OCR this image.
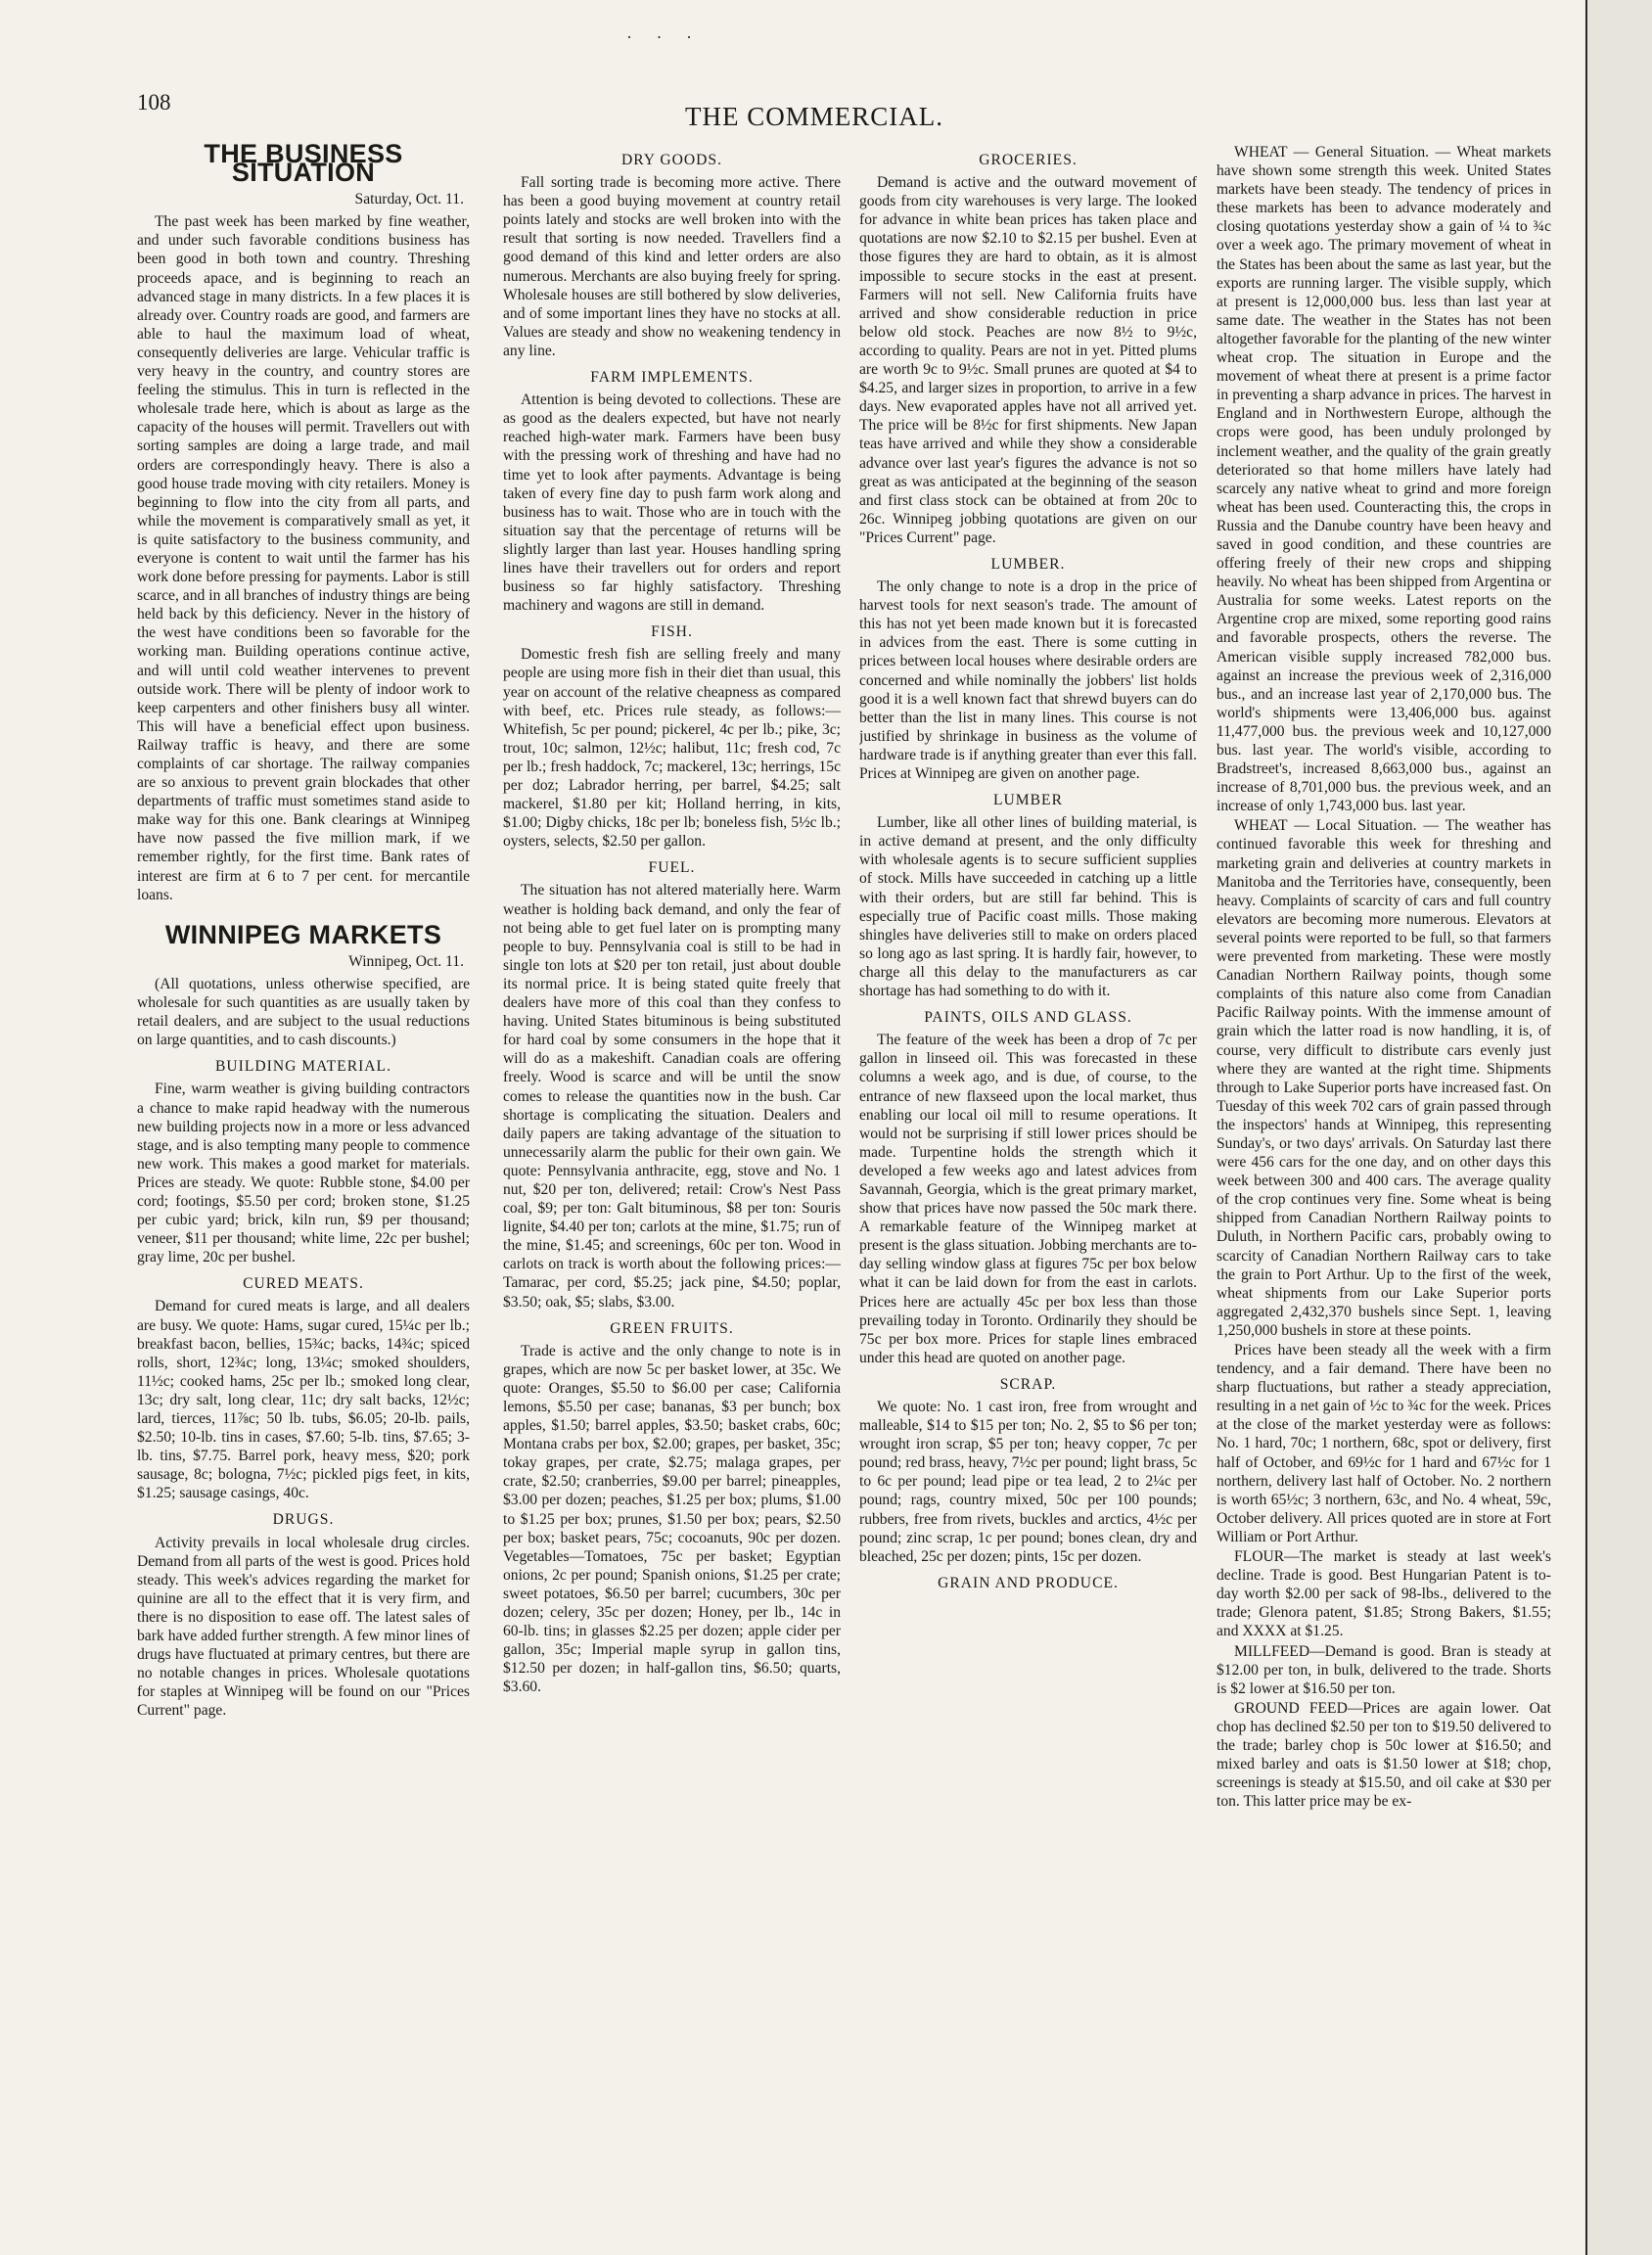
· · ·
108	THE COMMERCIAL.
THE BUSINESS SITUATION
Saturday, Oct. 11.

The past week has been marked by fine weather, and under such favorable conditions business has been good in both town and country. Threshing proceeds apace, and is beginning to reach an advanced stage in many districts. In a few places it is already over. Country roads are good, and farmers are able to haul the maximum load of wheat, consequently deliveries are large. Vehicular traffic is very heavy in the country, and country stores are feeling the stimulus. This in turn is reflected in the wholesale trade here, which is about as large as the capacity of the houses will permit. Travellers out with sorting samples are doing a large trade, and mail orders are correspondingly heavy. There is also a good house trade moving with city retailers. Money is beginning to flow into the city from all parts, and while the movement is comparatively small as yet, it is quite satisfactory to the business community, and everyone is content to wait until the farmer has his work done before pressing for payments. Labor is still scarce, and in all branches of industry things are being held back by this deficiency. Never in the history of the west have conditions been so favorable for the working man. Building operations continue active, and will until cold weather intervenes to prevent outside work. There will be plenty of indoor work to keep carpenters and other finishers busy all winter. This will have a beneficial effect upon business. Railway traffic is heavy, and there are some complaints of car shortage. The railway companies are so anxious to prevent grain blockades that other departments of traffic must sometimes stand aside to make way for this one. Bank clearings at Winnipeg have now passed the five million mark, if we remember rightly, for the first time. Bank rates of interest are firm at 6 to 7 per cent. for mercantile loans.

WINNIPEG MARKETS
Winnipeg, Oct. 11.

(All quotations, unless otherwise specified, are wholesale for such quantities as are usually taken by retail dealers, and are subject to the usual reductions on large quantities, and to cash discounts.)

BUILDING MATERIAL.

Fine, warm weather is giving building contractors a chance to make rapid headway with the numerous new building projects now in a more or less advanced stage, and is also tempting many people to commence new work. This makes a good market for materials. Prices are steady. We quote: Rubble stone, $4.00 per cord; footings, $5.50 per cord; broken stone, $1.25 per cubic yard; brick, kiln run, $9 per thousand; veneer, $11 per thousand; white lime, 22c per bushel; gray lime, 20c per bushel.

CURED MEATS.

Demand for cured meats is large, and all dealers are busy. We quote: Hams, sugar cured, 15¼c per lb.; breakfast bacon, bellies, 15¾c; backs, 14¾c; spiced rolls, short, 12¾c; long, 13¼c; smoked shoulders, 11½c; cooked hams, 25c per lb.; smoked long clear, 13c; dry salt, long clear, 11c; dry salt backs, 12½c; lard, tierces, 11⅞c; 50 lb. tubs, $6.05; 20-lb. pails, $2.50; 10-lb. tins in cases, $7.60; 5-lb. tins, $7.65; 3-lb. tins, $7.75. Barrel pork, heavy mess, $20; pork sausage, 8c; bologna, 7½c; pickled pigs feet, in kits, $1.25; sausage casings, 40c.

DRUGS.

Activity prevails in local wholesale drug circles. Demand from all parts of the west is good. Prices hold steady. This week's advices regarding the market for quinine are all to the effect that it is very firm, and there is no disposition to ease off. The latest sales of bark have added further strength. A few minor lines of drugs have fluctuated at primary centres, but there are no notable changes in prices. Wholesale quotations for staples at Winnipeg will be found on our "Prices Current" page.

DRY GOODS.

Fall sorting trade is becoming more active. There has been a good buying movement at country retail points lately and stocks are well broken into with the result that sorting is now needed. Travellers find a good demand of this kind and letter orders are also numerous. Merchants are also buying freely for spring. Wholesale houses are still bothered by slow deliveries, and of some important lines they have no stocks at all. Values are steady and show no weakening tendency in any line.

FARM IMPLEMENTS.

Attention is being devoted to collections. These are as good as the dealers expected, but have not nearly reached high-water mark. Farmers have been busy with the pressing work of threshing and have had no time yet to look after payments. Advantage is being taken of every fine day to push farm work along and business has to wait. Those who are in touch with the situation say that the percentage of returns will be slightly larger than last year. Houses handling spring lines have their travellers out for orders and report business so far highly satisfactory. Threshing machinery and wagons are still in demand.

FISH.

Domestic fresh fish are selling freely and many people are using more fish in their diet than usual, this year on account of the relative cheapness as compared with beef, etc. Prices rule steady, as follows:—Whitefish, 5c per pound; pickerel, 4c per lb.; pike, 3c; trout, 10c; salmon, 12½c; halibut, 11c; fresh cod, 7c per lb.; fresh haddock, 7c; mackerel, 13c; herrings, 15c per doz; Labrador herring, per barrel, $4.25; salt mackerel, $1.80 per kit; Holland herring, in kits, $1.00; Digby chicks, 18c per lb; boneless fish, 5½c lb.; oysters, selects, $2.50 per gallon.

FUEL.

The situation has not altered materially here. Warm weather is holding back demand, and only the fear of not being able to get fuel later on is prompting many people to buy. Pennsylvania coal is still to be had in single ton lots at $20 per ton retail, just about double its normal price. It is being stated quite freely that dealers have more of this coal than they confess to having. United States bituminous is being substituted for hard coal by some consumers in the hope that it will do as a makeshift. Canadian coals are offering freely. Wood is scarce and will be until the snow comes to release the quantities now in the bush. Car shortage is complicating the situation. Dealers and daily papers are taking advantage of the situation to unnecessarily alarm the public for their own gain. We quote: Pennsylvania anthracite, egg, stove and No. 1 nut, $20 per ton, delivered; retail: Crow's Nest Pass coal, $9; per ton: Galt bituminous, $8 per ton: Souris lignite, $4.40 per ton; carlots at the mine, $1.75; run of the mine, $1.45; and screenings, 60c per ton. Wood in carlots on track is worth about the following prices:—Tamarac, per cord, $5.25; jack pine, $4.50; poplar, $3.50; oak, $5; slabs, $3.00.

GREEN FRUITS.

Trade is active and the only change to note is in grapes, which are now 5c per basket lower, at 35c. We quote: Oranges, $5.50 to $6.00 per case; California lemons, $5.50 per case; bananas, $3 per bunch; box apples, $1.50; barrel apples, $3.50; basket crabs, 60c; Montana crabs per box, $2.00; grapes, per basket, 35c; tokay grapes, per crate, $2.75; malaga grapes, per crate, $2.50; cranberries, $9.00 per barrel; pineapples, $3.00 per dozen; peaches, $1.25 per box; plums, $1.00 to $1.25 per box; prunes, $1.50 per box; pears, $2.50 per box; basket pears, 75c; cocoanuts, 90c per dozen. Vegetables—Tomatoes, 75c per basket; Egyptian onions, 2c per pound; Spanish onions, $1.25 per crate; sweet potatoes, $6.50 per barrel; cucumbers, 30c per dozen; celery, 35c per dozen; Honey, per lb., 14c in 60-lb. tins; in glasses $2.25 per dozen; apple cider per gallon, 35c; Imperial maple syrup in gallon tins, $12.50 per dozen; in half-gallon tins, $6.50; quarts, $3.60.

GROCERIES.

Demand is active and the outward movement of goods from city warehouses is very large. The looked for advance in white bean prices has taken place and quotations are now $2.10 to $2.15 per bushel. Even at those figures they are hard to obtain, as it is almost impossible to secure stocks in the east at present. Farmers will not sell. New California fruits have arrived and show considerable reduction in price below old stock. Peaches are now 8½ to 9½c, according to quality. Pears are not in yet. Pitted plums are worth 9c to 9½c. Small prunes are quoted at $4 to $4.25, and larger sizes in proportion, to arrive in a few days. New evaporated apples have not all arrived yet. The price will be 8½c for first shipments. New Japan teas have arrived and while they show a considerable advance over last year's figures the advance is not so great as was anticipated at the beginning of the season and first class stock can be obtained at from 20c to 26c. Winnipeg jobbing quotations are given on our "Prices Current" page.

LUMBER.

The only change to note is a drop in the price of harvest tools for next season's trade. The amount of this has not yet been made known but it is forecasted in advices from the east. There is some cutting in prices between local houses where desirable orders are concerned and while nominally the jobbers' list holds good it is a well known fact that shrewd buyers can do better than the list in many lines. This course is not justified by shrinkage in business as the volume of hardware trade is if anything greater than ever this fall. Prices at Winnipeg are given on another page.

LUMBER

Lumber, like all other lines of building material, is in active demand at present, and the only difficulty with wholesale agents is to secure sufficient supplies of stock. Mills have succeeded in catching up a little with their orders, but are still far behind. This is especially true of Pacific coast mills. Those making shingles have deliveries still to make on orders placed so long ago as last spring. It is hardly fair, however, to charge all this delay to the manufacturers as car shortage has had something to do with it.

PAINTS, OILS AND GLASS.

The feature of the week has been a drop of 7c per gallon in linseed oil. This was forecasted in these columns a week ago, and is due, of course, to the entrance of new flaxseed upon the local market, thus enabling our local oil mill to resume operations. It would not be surprising if still lower prices should be made. Turpentine holds the strength which it developed a few weeks ago and latest advices from Savannah, Georgia, which is the great primary market, show that prices have now passed the 50c mark there. A remarkable feature of the Winnipeg market at present is the glass situation. Jobbing merchants are to-day selling window glass at figures 75c per box below what it can be laid down for from the east in carlots. Prices here are actually 45c per box less than those prevailing today in Toronto. Ordinarily they should be 75c per box more. Prices for staple lines embraced under this head are quoted on another page.

SCRAP.

We quote: No. 1 cast iron, free from wrought and malleable, $14 to $15 per ton; No. 2, $5 to $6 per ton; wrought iron scrap, $5 per ton; heavy copper, 7c per pound; red brass, heavy, 7½c per pound; light brass, 5c to 6c per pound; lead pipe or tea lead, 2 to 2¼c per pound; rags, country mixed, 50c per 100 pounds; rubbers, free from rivets, buckles and arctics, 4½c per pound; zinc scrap, 1c per pound; bones clean, dry and bleached, 25c per dozen; pints, 15c per dozen.

GRAIN AND PRODUCE.

WHEAT — General Situation. — Wheat markets have shown some strength this week. United States markets have been steady. The tendency of prices in these markets has been to advance moderately and closing quotations yesterday show a gain of ¼ to ¾c over a week ago. The primary movement of wheat in the States has been about the same as last year, but the exports are running larger. The visible supply, which at present is 12,000,000 bus. less than last year at same date. The weather in the States has not been altogether favorable for the planting of the new winter wheat crop. The situation in Europe and the movement of wheat there at present is a prime factor in preventing a sharp advance in prices. The harvest in England and in Northwestern Europe, although the crops were good, has been unduly prolonged by inclement weather, and the quality of the grain greatly deteriorated so that home millers have lately had scarcely any native wheat to grind and more foreign wheat has been used. Counteracting this, the crops in Russia and the Danube country have been heavy and saved in good condition, and these countries are offering freely of their new crops and shipping heavily. No wheat has been shipped from Argentina or Australia for some weeks. Latest reports on the Argentine crop are mixed, some reporting good rains and favorable prospects, others the reverse. The American visible supply increased 782,000 bus. against an increase the previous week of 2,316,000 bus., and an increase last year of 2,170,000 bus. The world's shipments were 13,406,000 bus. against 11,477,000 bus. the previous week and 10,127,000 bus. last year. The world's visible, according to Bradstreet's, increased 8,663,000 bus., against an increase of 8,701,000 bus. the previous week, and an increase of only 1,743,000 bus. last year.

WHEAT — Local Situation. — The weather has continued favorable this week for threshing and marketing grain and deliveries at country markets in Manitoba and the Territories have, consequently, been heavy. Complaints of scarcity of cars and full country elevators are becoming more numerous. Elevators at several points were reported to be full, so that farmers were prevented from marketing. These were mostly Canadian Northern Railway points, though some complaints of this nature also come from Canadian Pacific Railway points. With the immense amount of grain which the latter road is now handling, it is, of course, very difficult to distribute cars evenly just where they are wanted at the right time. Shipments through to Lake Superior ports have increased fast. On Tuesday of this week 702 cars of grain passed through the inspectors' hands at Winnipeg, this representing Sunday's, or two days' arrivals. On Saturday last there were 456 cars for the one day, and on other days this week between 300 and 400 cars. The average quality of the crop continues very fine. Some wheat is being shipped from Canadian Northern Railway points to Duluth, in Northern Pacific cars, probably owing to scarcity of Canadian Northern Railway cars to take the grain to Port Arthur. Up to the first of the week, wheat shipments from our Lake Superior ports aggregated 2,432,370 bushels since Sept. 1, leaving 1,250,000 bushels in store at these points.

Prices have been steady all the week with a firm tendency, and a fair demand. There have been no sharp fluctuations, but rather a steady appreciation, resulting in a net gain of ½c to ¾c for the week. Prices at the close of the market yesterday were as follows: No. 1 hard, 70c; 1 northern, 68c, spot or delivery, first half of October, and 69½c for 1 hard and 67½c for 1 northern, delivery last half of October. No. 2 northern is worth 65½c; 3 northern, 63c, and No. 4 wheat, 59c, October delivery. All prices quoted are in store at Fort William or Port Arthur.

FLOUR—The market is steady at last week's decline. Trade is good. Best Hungarian Patent is to-day worth $2.00 per sack of 98-lbs., delivered to the trade; Glenora patent, $1.85; Strong Bakers, $1.55; and XXXX at $1.25.

MILLFEED—Demand is good. Bran is steady at $12.00 per ton, in bulk, delivered to the trade. Shorts is $2 lower at $16.50 per ton.

GROUND FEED—Prices are again lower. Oat chop has declined $2.50 per ton to $19.50 delivered to the trade; barley chop is 50c lower at $16.50; and mixed barley and oats is $1.50 lower at $18; chop, screenings is steady at $15.50, and oil cake at $30 per ton. This latter price may be ex-
